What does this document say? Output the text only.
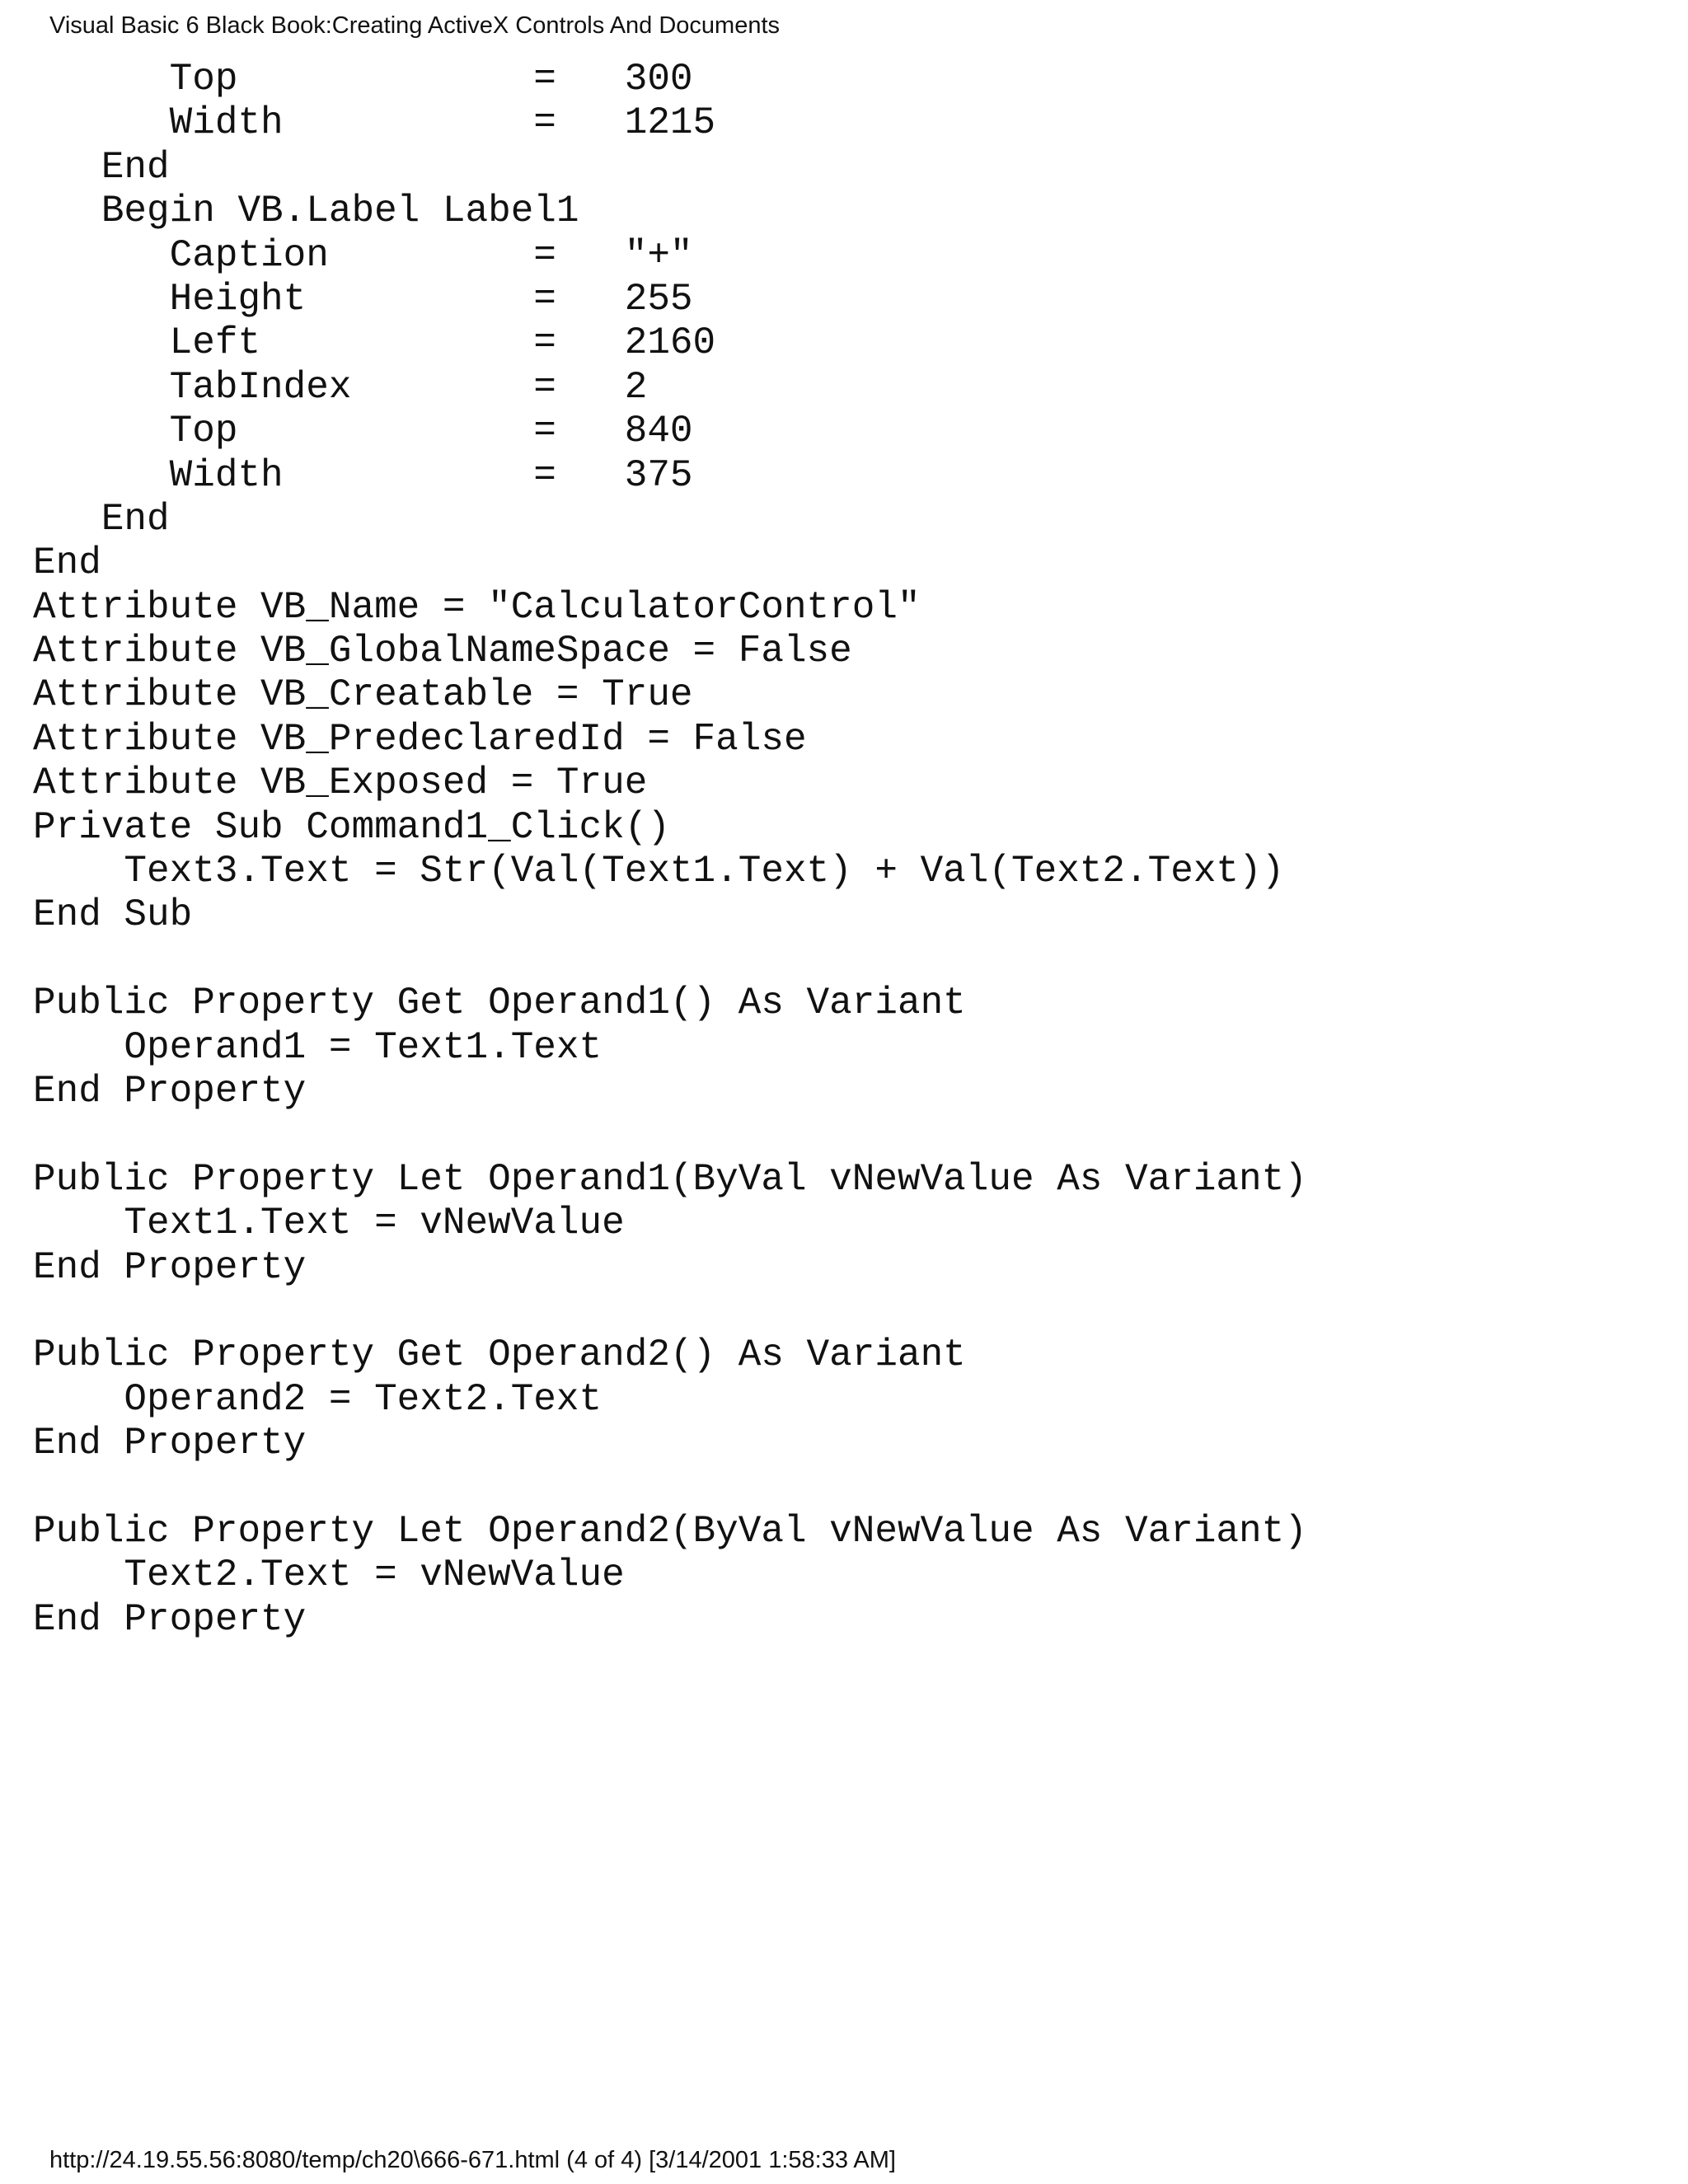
Visual Basic 6 Black Book:Creating ActiveX Controls And Documents
Top             =   300
Width           =   1215
End
Begin VB.Label Label1
Caption         =   "+"
Height          =   255
Left            =   2160
TabIndex        =   2
Top             =   840
Width           =   375
End
End
Attribute VB_Name = "CalculatorControl"
Attribute VB_GlobalNameSpace = False
Attribute VB_Creatable = True
Attribute VB_PredeclaredId = False
Attribute VB_Exposed = True
Private Sub Command1_Click()
Text3.Text = Str(Val(Text1.Text) + Val(Text2.Text))
End Sub
Public Property Get Operand1() As Variant
Operand1 = Text1.Text
End Property
Public Property Let Operand1(ByVal vNewValue As Variant)
Text1.Text = vNewValue
End Property
Public Property Get Operand2() As Variant
Operand2 = Text2.Text
End Property
Public Property Let Operand2(ByVal vNewValue As Variant)
Text2.Text = vNewValue
End Property
http://24.19.55.56:8080/temp/ch20\666-671.html (4 of 4) [3/14/2001 1:58:33 AM]
